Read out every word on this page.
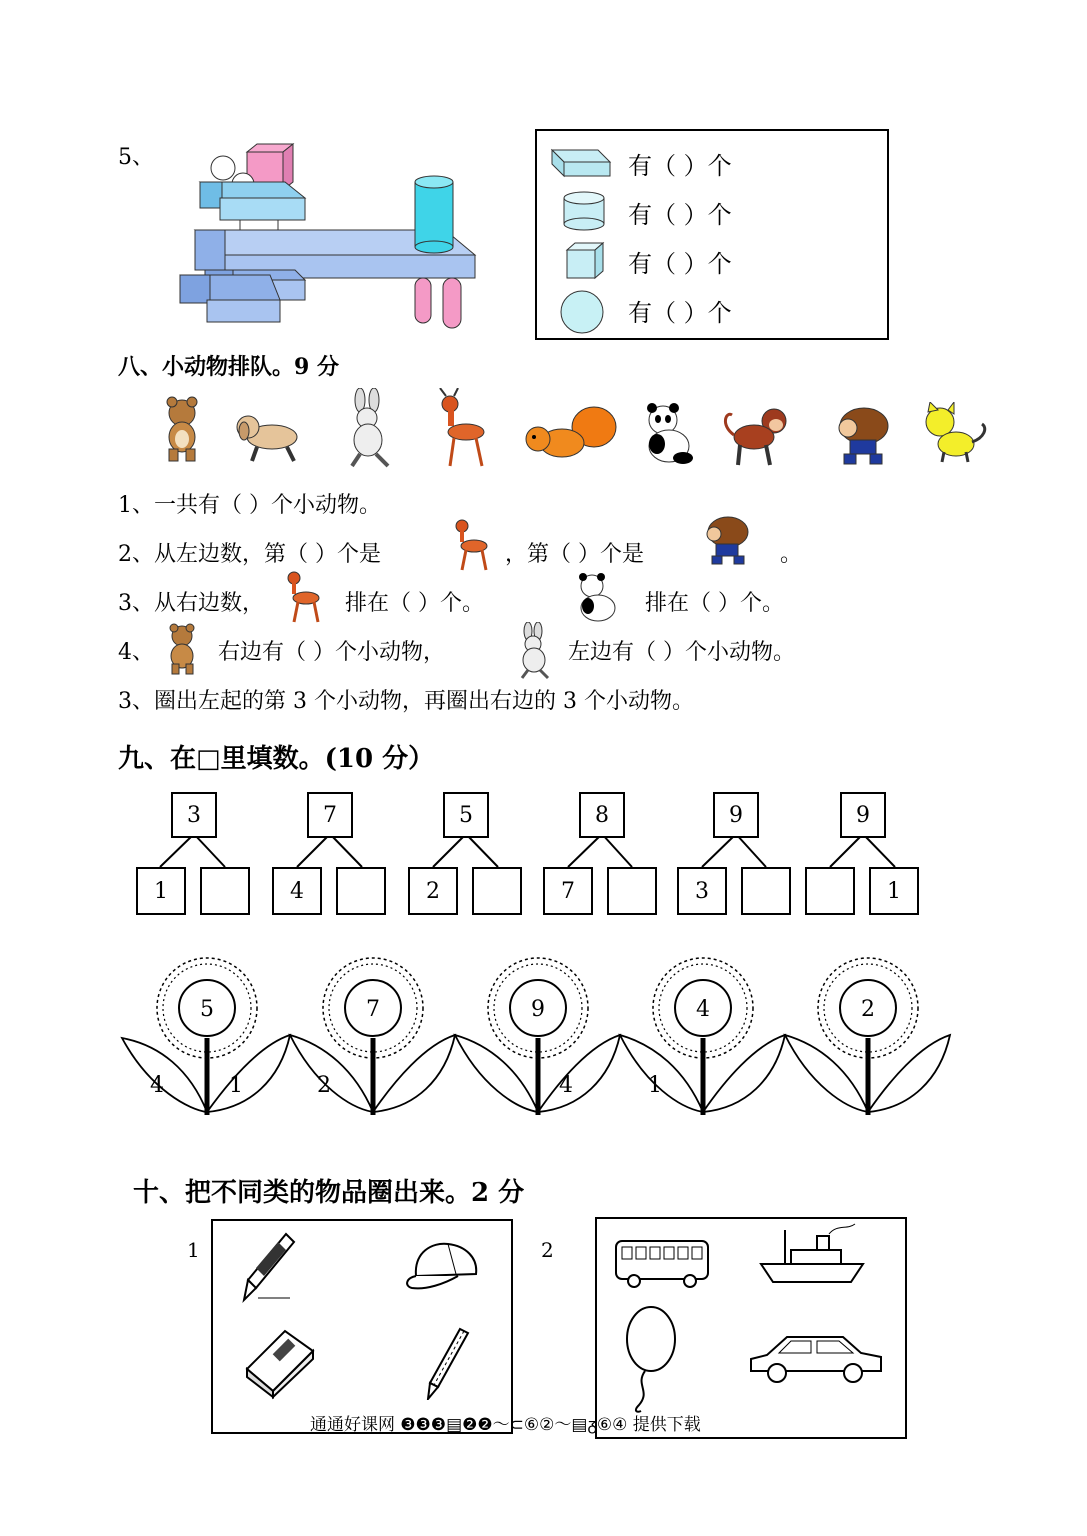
5、	有（ ）个
有（ ）个
有（ ）个
有（ ）个
八、小动物排队。9 分
1、一共有（ ）个小动物。
2、从左边数，第（ ）个是	，第（ ）个是	。
3、从右边数，	排在（ ）个。	排在（ ）个。
4、	右边有（ ）个小动物，	左边有（ ）个小动物。
3、圈出左起的第 3 个小动物，再圈出右边的 3 个小动物。
九、在□里填数。(10 分）
3
1
7
4
5
2
8
7
9
3
9
1
5	7	9	4	2
4	1	2	4	1
十、把不同类的物品圈出来。2 分
1	2
通通好课网 ❸❸❸▤❷❷〜⊂⑥②〜▤ᵹ⑥④ 提供下载
